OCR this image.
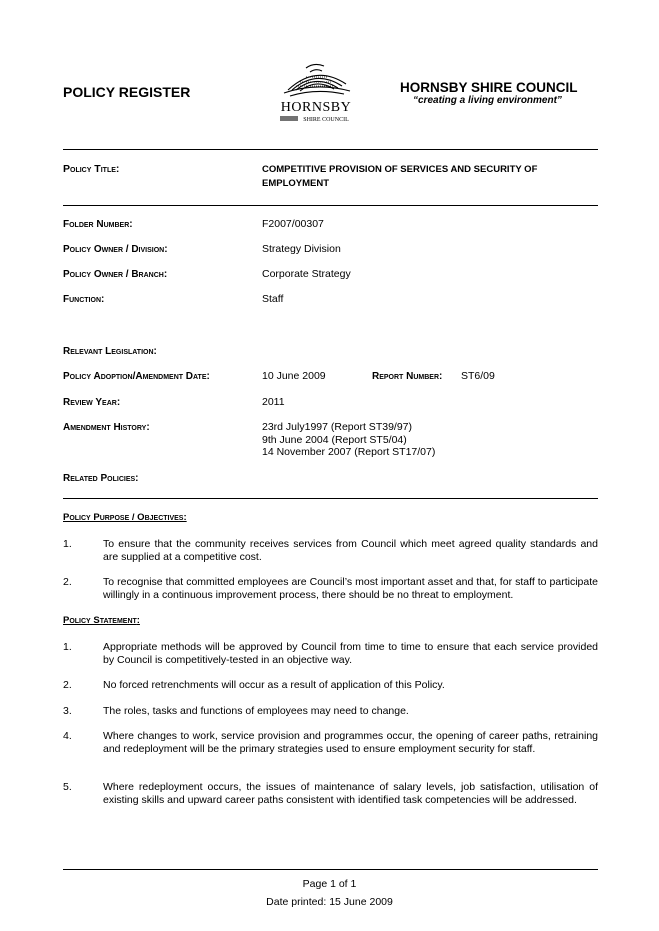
POLICY REGISTER
HORNSBY
SHIRE COUNCIL
HORNSBY SHIRE COUNCIL
“creating a living environment”
Policy Title:	COMPETITIVE PROVISION OF SERVICES AND SECURITY OF EMPLOYMENT
Folder Number:	F2007/00307
Policy Owner / Division:	Strategy Division
Policy Owner / Branch:	Corporate Strategy
Function:	Staff
Relevant Legislation:
Policy Adoption/Amendment Date:	10 June 2009	Report Number: ST6/09
Review Year:	2011
Amendment History:	23rd July1997 (Report ST39/97)
9th June 2004 (Report ST5/04)
14 November 2007 (Report ST17/07)
Related Policies:
Policy Purpose / Objectives:
1.	To ensure that the community receives services from Council which meet agreed quality standards and are supplied at a competitive cost.
2.	To recognise that committed employees are Council’s most important asset and that, for staff to participate willingly in a continuous improvement process, there should be no threat to employment.
Policy Statement:
1.	Appropriate methods will be approved by Council from time to time to ensure that each service provided by Council is competitively-tested in an objective way.
2.	No forced retrenchments will occur as a result of application of this Policy.
3.	The roles, tasks and functions of employees may need to change.
4.	Where changes to work, service provision and programmes occur, the opening of career paths, retraining and redeployment will be the primary strategies used to ensure employment security for staff.
5.	Where redeployment occurs, the issues of maintenance of salary levels, job satisfaction, utilisation of existing skills and upward career paths consistent with identified task competencies will be addressed.
Page 1 of 1
Date printed: 15 June 2009
